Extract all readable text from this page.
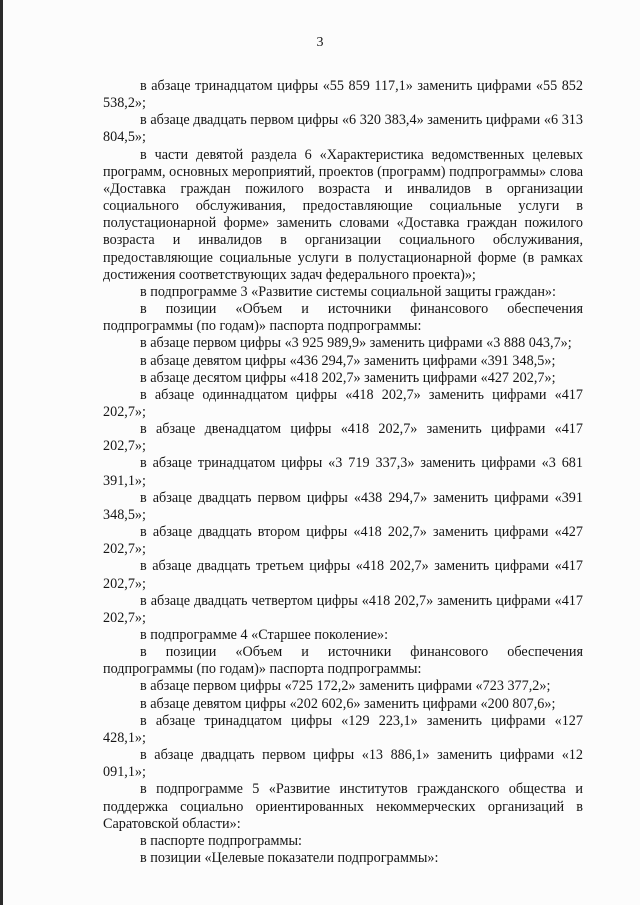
3

в абзаце тринадцатом цифры «55 859 117,1» заменить цифрами «55 852 538,2»;

в абзаце двадцать первом цифры «6 320 383,4» заменить цифрами «6 313 804,5»;

в части девятой раздела 6 «Характеристика ведомственных целевых программ, основных мероприятий, проектов (программ) подпрограммы» слова «Доставка граждан пожилого возраста и инвалидов в организации социального обслуживания, предоставляющие социальные услуги в полустационарной форме» заменить словами «Доставка граждан пожилого возраста и инвалидов в организации социального обслуживания, предоставляющие социальные услуги в полустационарной форме (в рамках достижения соответствующих задач федерального проекта)»;

в подпрограмме 3 «Развитие системы социальной защиты граждан»:

в позиции «Объем и источники финансового обеспечения подпрограммы (по годам)» паспорта подпрограммы:

в абзаце первом цифры «3 925 989,9» заменить цифрами «3 888 043,7»;

в абзаце девятом цифры «436 294,7» заменить цифрами «391 348,5»;

в абзаце десятом цифры «418 202,7» заменить цифрами «427 202,7»;

в абзаце одиннадцатом цифры «418 202,7» заменить цифрами «417 202,7»;

в абзаце двенадцатом цифры «418 202,7» заменить цифрами «417 202,7»;

в абзаце тринадцатом цифры «3 719 337,3» заменить цифрами «3 681 391,1»;

в абзаце двадцать первом цифры «438 294,7» заменить цифрами «391 348,5»;

в абзаце двадцать втором цифры «418 202,7» заменить цифрами «427 202,7»;

в абзаце двадцать третьем цифры «418 202,7» заменить цифрами «417 202,7»;

в абзаце двадцать четвертом цифры «418 202,7» заменить цифрами «417 202,7»;

в подпрограмме 4 «Старшее поколение»:

в позиции «Объем и источники финансового обеспечения подпрограммы (по годам)» паспорта подпрограммы:

в абзаце первом цифры «725 172,2» заменить цифрами «723 377,2»;

в абзаце девятом цифры «202 602,6» заменить цифрами «200 807,6»;

в абзаце тринадцатом цифры «129 223,1» заменить цифрами «127 428,1»;

в абзаце двадцать первом цифры «13 886,1» заменить цифрами «12 091,1»;

в подпрограмме 5 «Развитие институтов гражданского общества и поддержка социально ориентированных некоммерческих организаций в Саратовской области»:

в паспорте подпрограммы:

в позиции «Целевые показатели подпрограммы»:
